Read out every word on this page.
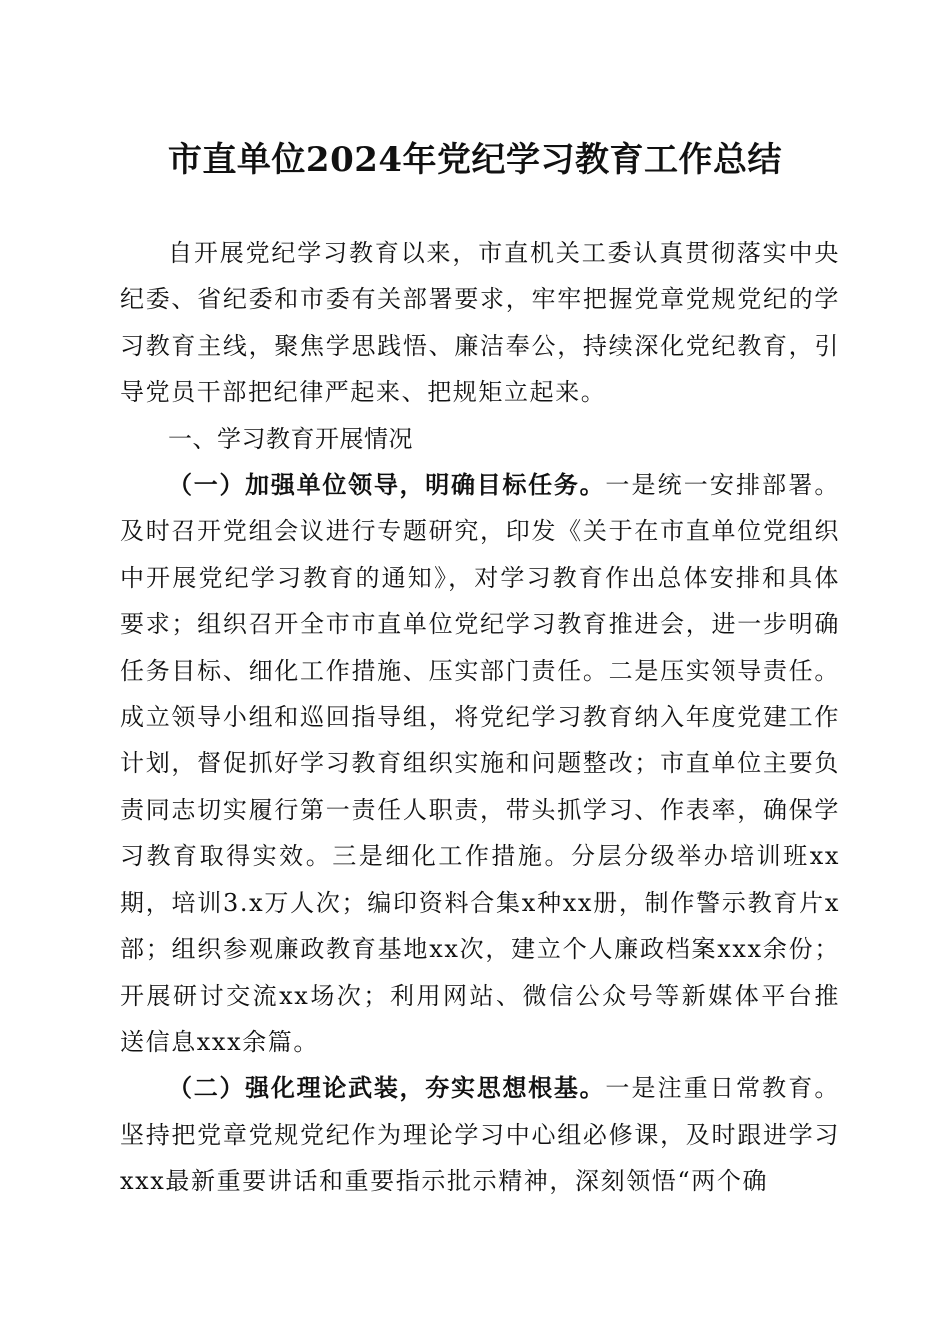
市直单位2024年党纪学习教育工作总结

自开展党纪学习教育以来，市直机关工委认真贯彻落实中央纪委、省纪委和市委有关部署要求，牢牢把握党章党规党纪的学习教育主线，聚焦学思践悟、廉洁奉公，持续深化党纪教育，引导党员干部把纪律严起来、把规矩立起来。

一、学习教育开展情况

（一）加强单位领导，明确目标任务。一是统一安排部署。及时召开党组会议进行专题研究，印发《关于在市直单位党组织中开展党纪学习教育的通知》，对学习教育作出总体安排和具体要求；组织召开全市市直单位党纪学习教育推进会，进一步明确任务目标、细化工作措施、压实部门责任。二是压实领导责任。成立领导小组和巡回指导组，将党纪学习教育纳入年度党建工作计划，督促抓好学习教育组织实施和问题整改；市直单位主要负责同志切实履行第一责任人职责，带头抓学习、作表率，确保学习教育取得实效。三是细化工作措施。分层分级举办培训班xx期，培训3.x万人次；编印资料合集x种xx册，制作警示教育片x部；组织参观廉政教育基地xx次，建立个人廉政档案xxx余份；开展研讨交流xx场次；利用网站、微信公众号等新媒体平台推送信息xxx余篇。

（二）强化理论武装，夯实思想根基。一是注重日常教育。坚持把党章党规党纪作为理论学习中心组必修课，及时跟进学习xxx最新重要讲话和重要指示批示精神，深刻领悟“两个确
